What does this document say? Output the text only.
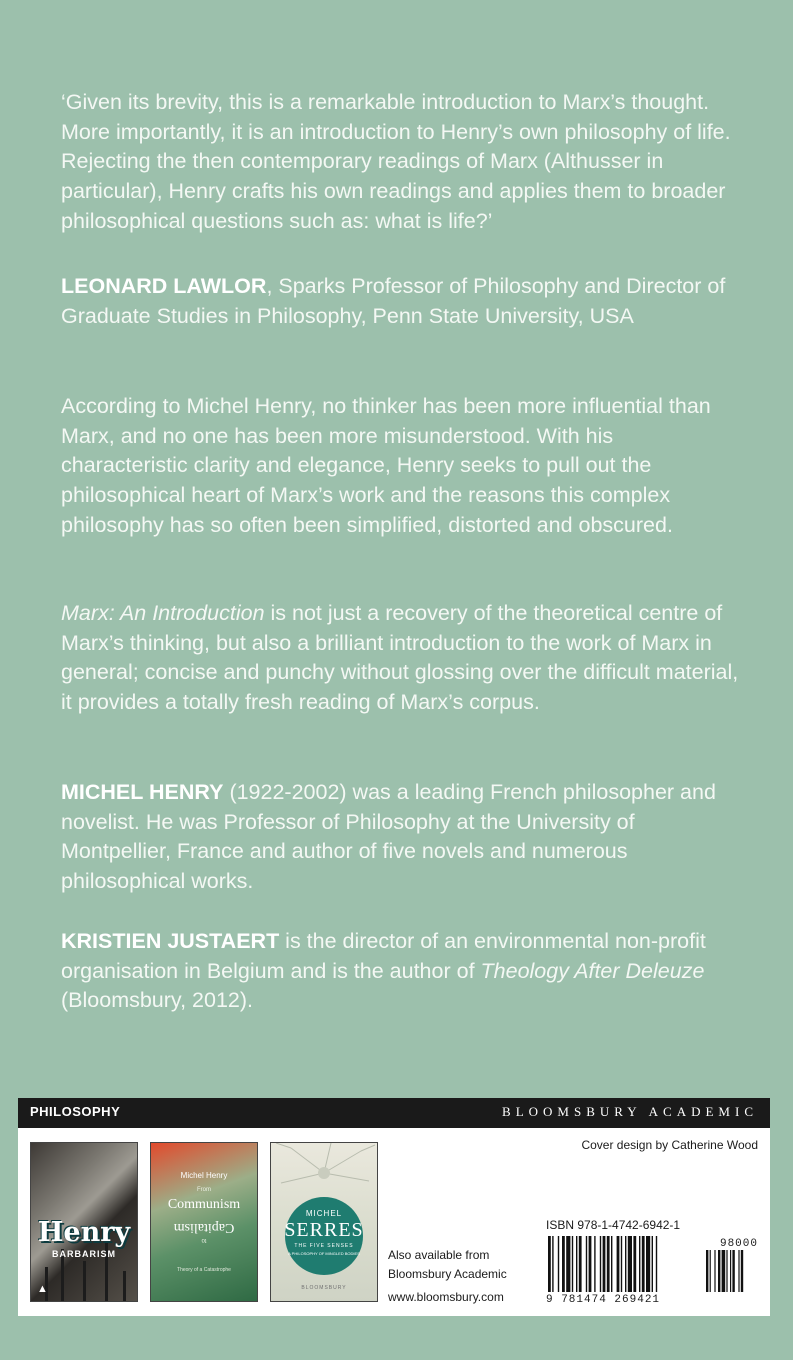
‘Given its brevity, this is a remarkable introduction to Marx’s thought. More importantly, it is an introduction to Henry’s own philosophy of life. Rejecting the then contemporary readings of Marx (Althusser in particular), Henry crafts his own readings and applies them to broader philosophical questions such as: what is life?’
LEONARD LAWLOR, Sparks Professor of Philosophy and Director of Graduate Studies in Philosophy, Penn State University, USA
According to Michel Henry, no thinker has been more influential than Marx, and no one has been more misunderstood. With his characteristic clarity and elegance, Henry seeks to pull out the philosophical heart of Marx’s work and the reasons this complex philosophy has so often been simplified, distorted and obscured.
Marx: An Introduction is not just a recovery of the theoretical centre of Marx’s thinking, but also a brilliant introduction to the work of Marx in general; concise and punchy without glossing over the difficult material, it provides a totally fresh reading of Marx’s corpus.
MICHEL HENRY (1922-2002) was a leading French philosopher and novelist. He was Professor of Philosophy at the University of Montpellier, France and author of five novels and numerous philosophical works.
KRISTIEN JUSTAERT is the director of an environmental non-profit organisation in Belgium and is the author of Theology After Deleuze (Bloomsbury, 2012).
PHILOSOPHY	BLOOMSBURY ACADEMIC
Henry
BARBARISM
▲
Michel Henry
From
Communism
Capitalism
to
Theory of a Catastrophe
MICHEL
SERRES
THE FIVE SENSES
A PHILOSOPHY OF MINGLED BODIES
BLOOMSBURY
Also available from
Bloomsbury Academic
www.bloomsbury.com
Cover design by Catherine Wood
ISBN 978-1-4742-6942-1
98000
9 781474 269421
